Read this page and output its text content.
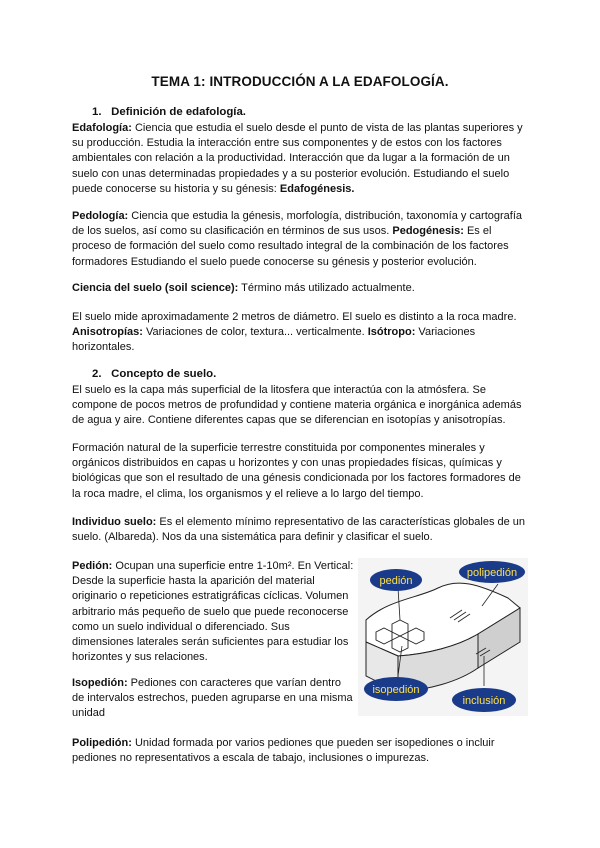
TEMA 1: INTRODUCCIÓN A LA EDAFOLOGÍA.
1. Definición de edafología.

Edafología: Ciencia que estudia el suelo desde el punto de vista de las plantas superiores y su producción. Estudia la interacción entre sus componentes y de estos con los factores ambientales con relación a la productividad. Interacción que da lugar a la formación de un suelo con unas determinadas propiedades y a su posterior evolución. Estudiando el suelo puede conocerse su historia y su génesis: Edafogénesis.

Pedología: Ciencia que estudia la génesis, morfología, distribución, taxonomía y cartografía de los suelos, así como su clasificación en términos de sus usos. Pedogénesis: Es el proceso de formación del suelo como resultado integral de la combinación de los factores formadores Estudiando el suelo puede conocerse su génesis y posterior evolución.

Ciencia del suelo (soil science): Término más utilizado actualmente.

El suelo mide aproximadamente 2 metros de diámetro. El suelo es distinto a la roca madre. Anisotropías: Variaciones de color, textura... verticalmente. Isótropo: Variaciones horizontales.

2. Concepto de suelo.

El suelo es la capa más superficial de la litosfera que interactúa con la atmósfera. Se compone de pocos metros de profundidad y contiene materia orgánica e inorgánica además de agua y aire. Contiene diferentes capas que se diferencian en isotopías y anisotropías.

Formación natural de la superficie terrestre constituida por componentes minerales y orgánicos distribuidos en capas u horizontes y con unas propiedades físicas, químicas y biológicas que son el resultado de una génesis condicionada por los factores formadores de la roca madre, el clima, los organismos y el relieve a lo largo del tiempo.

Individuo suelo: Es el elemento mínimo representativo de las características globales de un suelo. (Albareda). Nos da una sistemática para definir y clasificar el suelo.

Pedión: Ocupan una superficie entre 1-10m². En Vertical: Desde la superficie hasta la aparición del material originario o repeticiones estratigráficas cíclicas. Volumen arbitrario más pequeño de suelo que puede reconocerse como un suelo individual o diferenciado. Sus dimensiones laterales serán suficientes para estudiar los horizontes y sus relaciones.

Isopedión: Pediones con caracteres que varían dentro de intervalos estrechos, pueden agruparse en una misma unidad

Polipedión: Unidad formada por varios pediones que pueden ser isopediones o incluir pediones no representativos a escala de tabajo, inclusiones o impurezas.

pedión
polipedión
isopedión
inclusión
